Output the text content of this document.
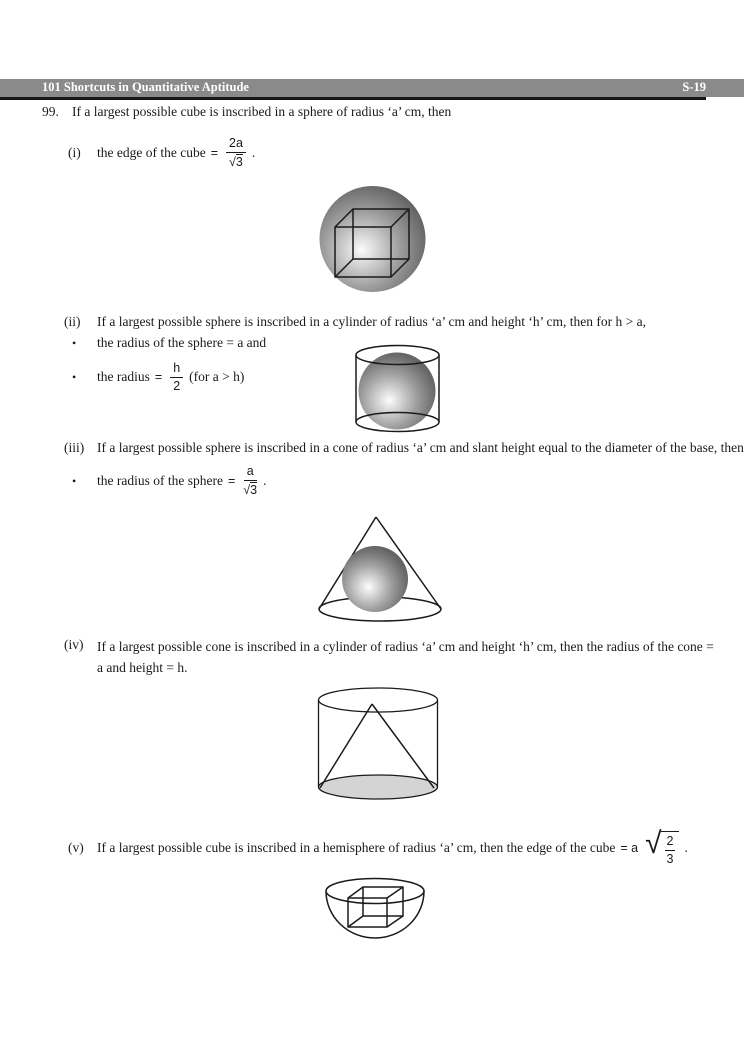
101 Shortcuts in Quantitative Aptitude	S-19
99. If a largest possible cube is inscribed in a sphere of radius ‘a’ cm, then
(i)	the edge of the cube = $\frac{2a}{√ 3}$ .
(ii)	If a largest possible sphere is inscribed in a cylinder of radius ‘a’ cm and height ‘h’ cm, then for h > a,
•	the radius of the sphere = a and
•	the radius = $\frac{h}{2} (for$ a > h)
(iii) If a largest possible sphere is inscribed in a cone of radius ‘a’ cm and slant height equal to the diameter of the base, then
•	the radius of the sphere = $\frac{a}{√ 3}$ .
(iv)	If a largest possible cone is inscribed in a cylinder of radius ‘a’ cm and height ‘h’ cm, then the radius of the cone = a and height = h.
(v) If a largest possible cube is inscribed in a hemisphere of radius ‘a’ cm, then the edge of the cube = a √ $\frac{2}{3}$ .
